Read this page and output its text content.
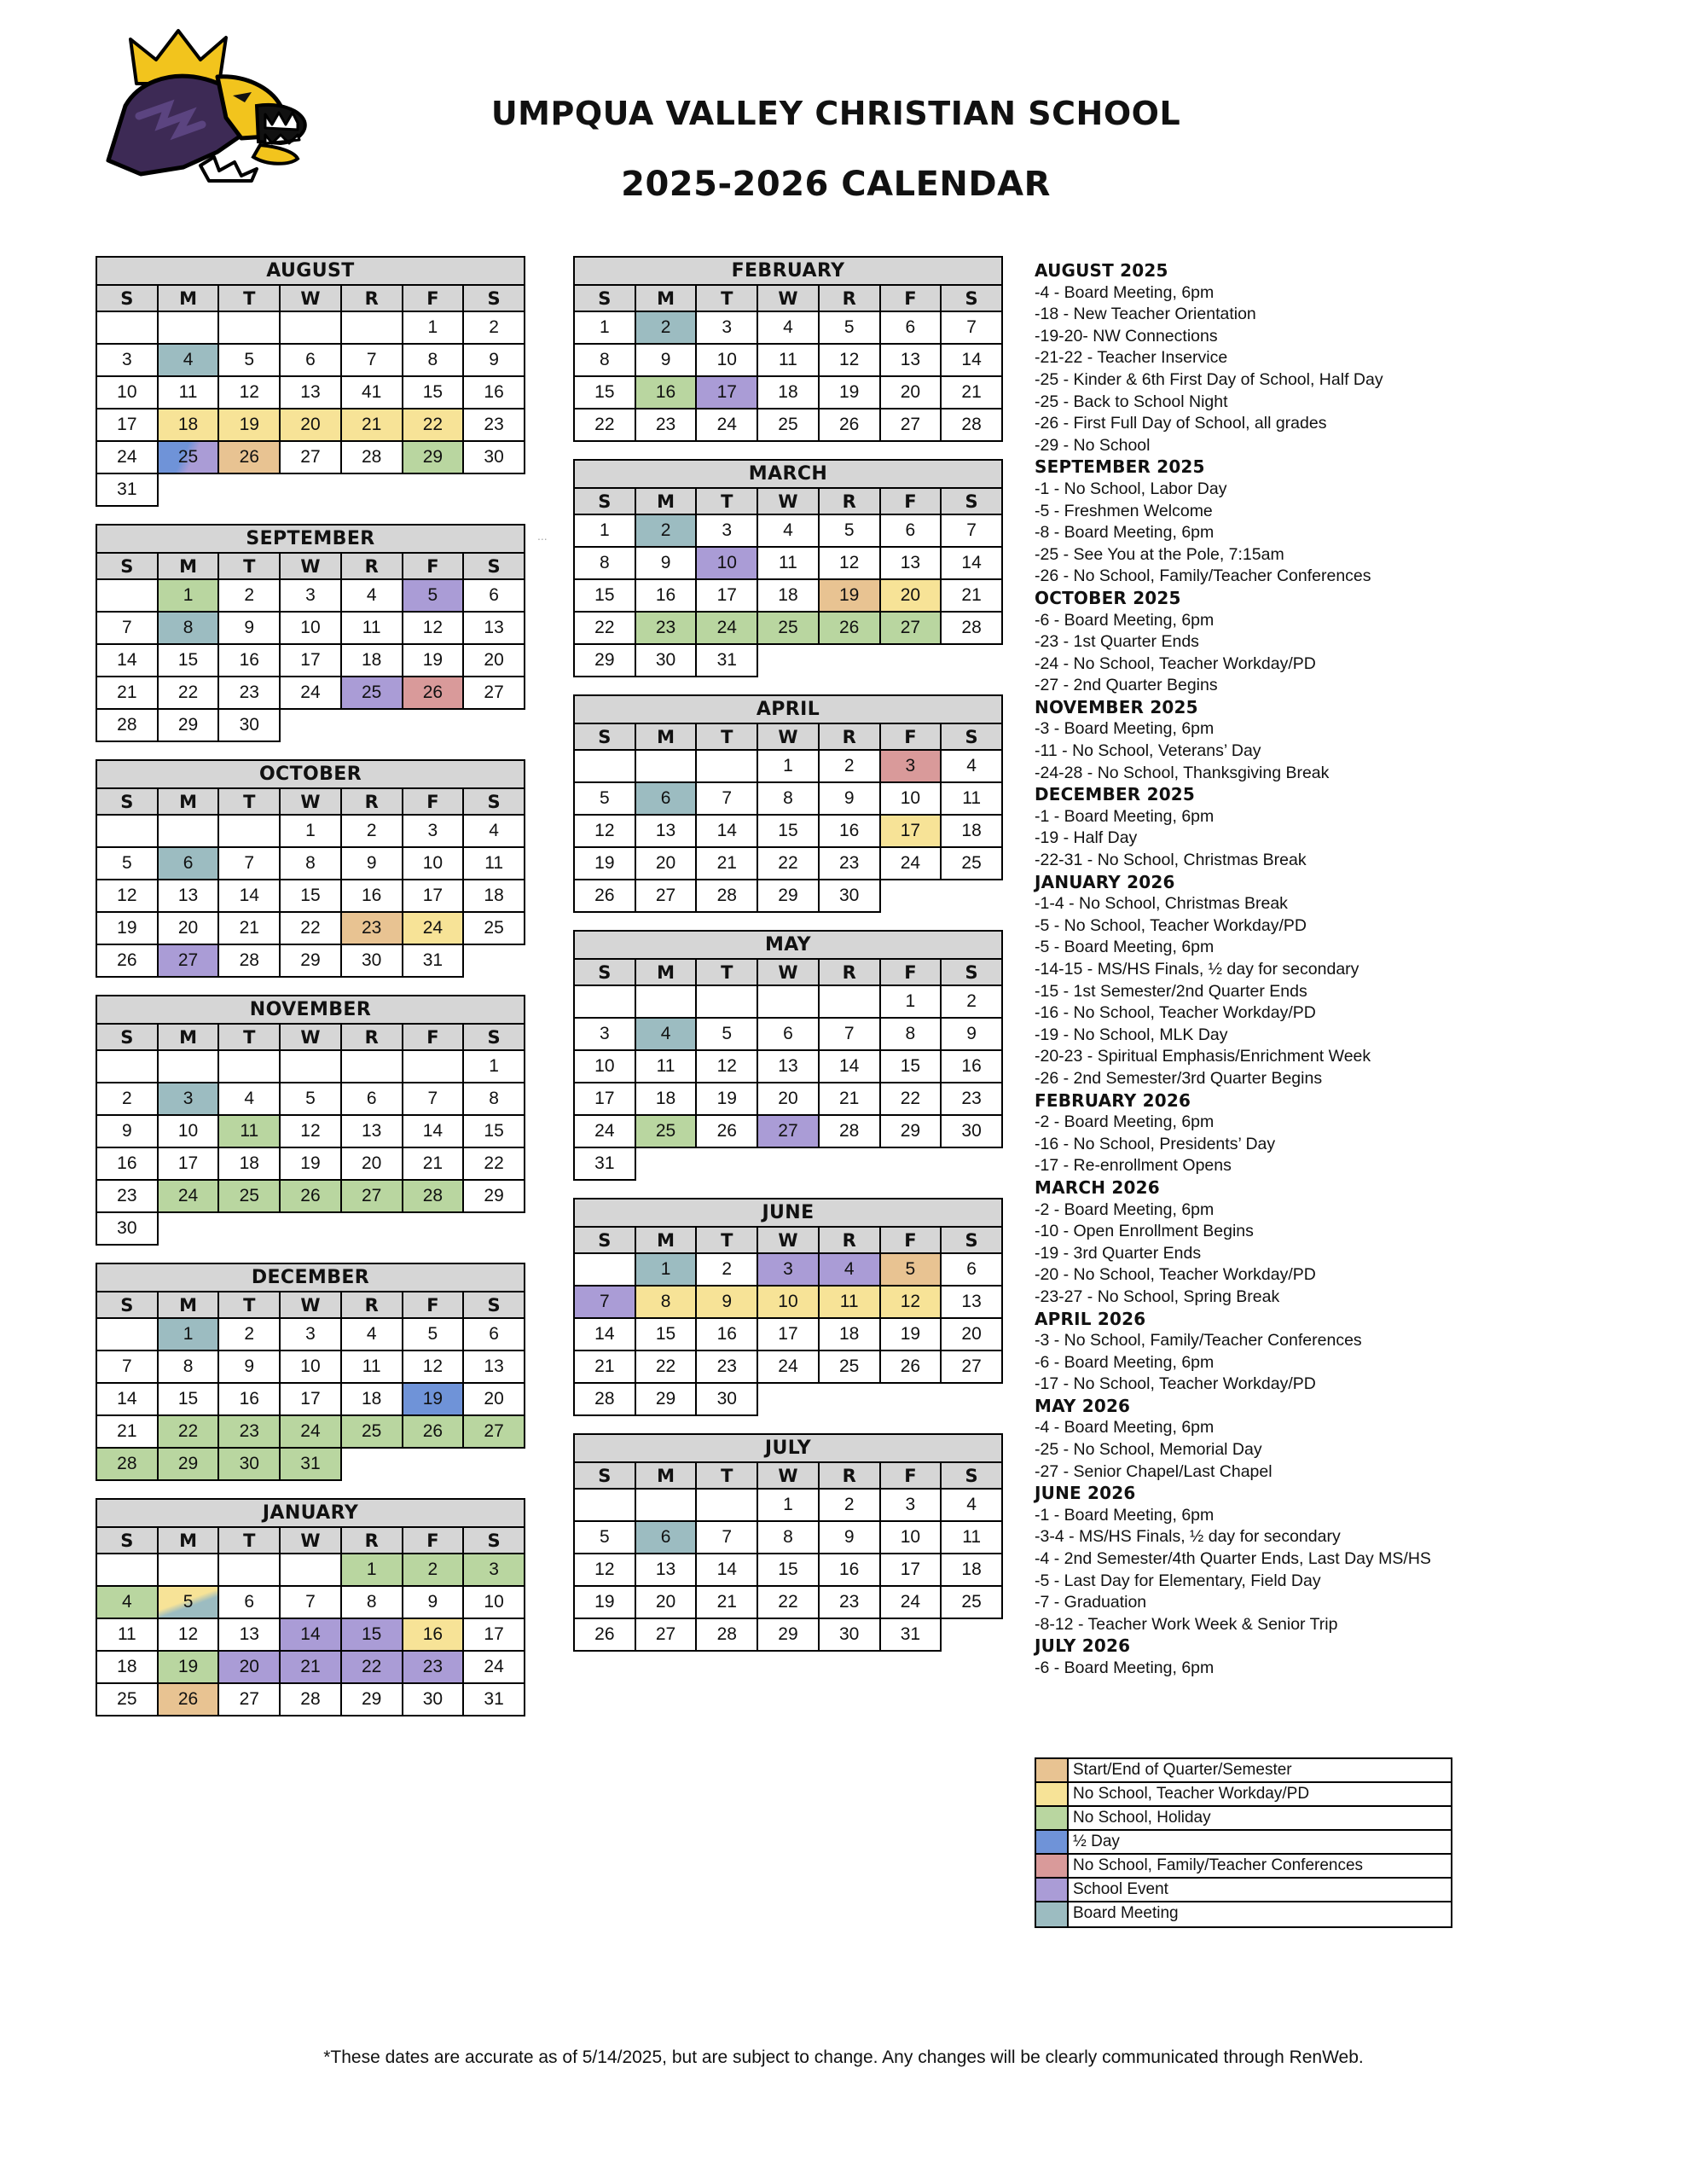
UMPQUA VALLEY CHRISTIAN SCHOOL
2025-2026 CALENDAR
AUGUST						
S	M	T	W	R	F	S
					1	2
3	4	5	6	7	8	9
10	11	12	13	41	15	16
17	18	19	20	21	22	23
24	25	26	27	28	29	30
31						
SEPTEMBER						
S	M	T	W	R	F	S
	1	2	3	4	5	6
7	8	9	10	11	12	13
14	15	16	17	18	19	20
21	22	23	24	25	26	27
28	29	30				
OCTOBER						
S	M	T	W	R	F	S
			1	2	3	4
5	6	7	8	9	10	11
12	13	14	15	16	17	18
19	20	21	22	23	24	25
26	27	28	29	30	31	
NOVEMBER						
S	M	T	W	R	F	S
						1
2	3	4	5	6	7	8
9	10	11	12	13	14	15
16	17	18	19	20	21	22
23	24	25	26	27	28	29
30						
DECEMBER						
S	M	T	W	R	F	S
	1	2	3	4	5	6
7	8	9	10	11	12	13
14	15	16	17	18	19	20
21	22	23	24	25	26	27
28	29	30	31			
JANUARY						
S	M	T	W	R	F	S
				1	2	3
4	5	6	7	8	9	10
11	12	13	14	15	16	17
18	19	20	21	22	23	24
25	26	27	28	29	30	31
FEBRUARY						
S	M	T	W	R	F	S
1	2	3	4	5	6	7
8	9	10	11	12	13	14
15	16	17	18	19	20	21
22	23	24	25	26	27	28
MARCH						
S	M	T	W	R	F	S
1	2	3	4	5	6	7
8	9	10	11	12	13	14
15	16	17	18	19	20	21
22	23	24	25	26	27	28
29	30	31				
APRIL						
S	M	T	W	R	F	S
			1	2	3	4
5	6	7	8	9	10	11
12	13	14	15	16	17	18
19	20	21	22	23	24	25
26	27	28	29	30		
MAY						
S	M	T	W	R	F	S
					1	2
3	4	5	6	7	8	9
10	11	12	13	14	15	16
17	18	19	20	21	22	23
24	25	26	27	28	29	30
31						
JUNE						
S	M	T	W	R	F	S
	1	2	3	4	5	6
7	8	9	10	11	12	13
14	15	16	17	18	19	20
21	22	23	24	25	26	27
28	29	30				
JULY						
S	M	T	W	R	F	S
			1	2	3	4
5	6	7	8	9	10	11
12	13	14	15	16	17	18
19	20	21	22	23	24	25
26	27	28	29	30	31	
...
AUGUST 2025
-4 - Board Meeting, 6pm
-18 - New Teacher Orientation
-19-20- NW Connections
-21-22 - Teacher Inservice
-25 - Kinder & 6th First Day of School, Half Day
-25 - Back to School Night
-26 - First Full Day of School, all grades
-29 - No School
SEPTEMBER 2025
-1 - No School, Labor Day
-5 - Freshmen Welcome
-8 - Board Meeting, 6pm
-25 - See You at the Pole, 7:15am
-26 - No School, Family/Teacher Conferences
OCTOBER 2025
-6 - Board Meeting, 6pm
-23 - 1st Quarter Ends
-24 - No School, Teacher Workday/PD
-27 - 2nd Quarter Begins
NOVEMBER 2025
-3 - Board Meeting, 6pm
-11 - No School, Veterans’ Day
-24-28 - No School, Thanksgiving Break
DECEMBER 2025
-1 - Board Meeting, 6pm
-19 - Half Day
-22-31 - No School, Christmas Break
JANUARY 2026
-1-4 - No School, Christmas Break
-5 - No School, Teacher Workday/PD
-5 - Board Meeting, 6pm
-14-15 - MS/HS Finals, ½ day for secondary
-15 - 1st Semester/2nd Quarter Ends
-16 - No School, Teacher Workday/PD
-19 - No School, MLK Day
-20-23 - Spiritual Emphasis/Enrichment Week
-26 - 2nd Semester/3rd Quarter Begins
FEBRUARY 2026
-2 - Board Meeting, 6pm
-16 - No School, Presidents’ Day
-17 - Re-enrollment Opens
MARCH 2026
-2 - Board Meeting, 6pm
-10 - Open Enrollment Begins
-19 - 3rd Quarter Ends
-20 - No School, Teacher Workday/PD
-23-27 - No School, Spring Break
APRIL 2026
-3 - No School, Family/Teacher Conferences
-6 - Board Meeting, 6pm
-17 - No School, Teacher Workday/PD
MAY 2026
-4 - Board Meeting, 6pm
-25 - No School, Memorial Day
-27 - Senior Chapel/Last Chapel
JUNE 2026
-1 - Board Meeting, 6pm
-3-4 - MS/HS Finals, ½ day for secondary
-4 - 2nd Semester/4th Quarter Ends, Last Day MS/HS
-5 - Last Day for Elementary, Field Day
-7 - Graduation
-8-12 - Teacher Work Week & Senior Trip
JULY 2026
-6 - Board Meeting, 6pm
Start/End of Quarter/Semester
No School, Teacher Workday/PD
No School, Holiday
½ Day
No School, Family/Teacher Conferences
School Event
Board Meeting
*These dates are accurate as of 5/14/2025, but are subject to change. Any changes will be clearly communicated through RenWeb.
